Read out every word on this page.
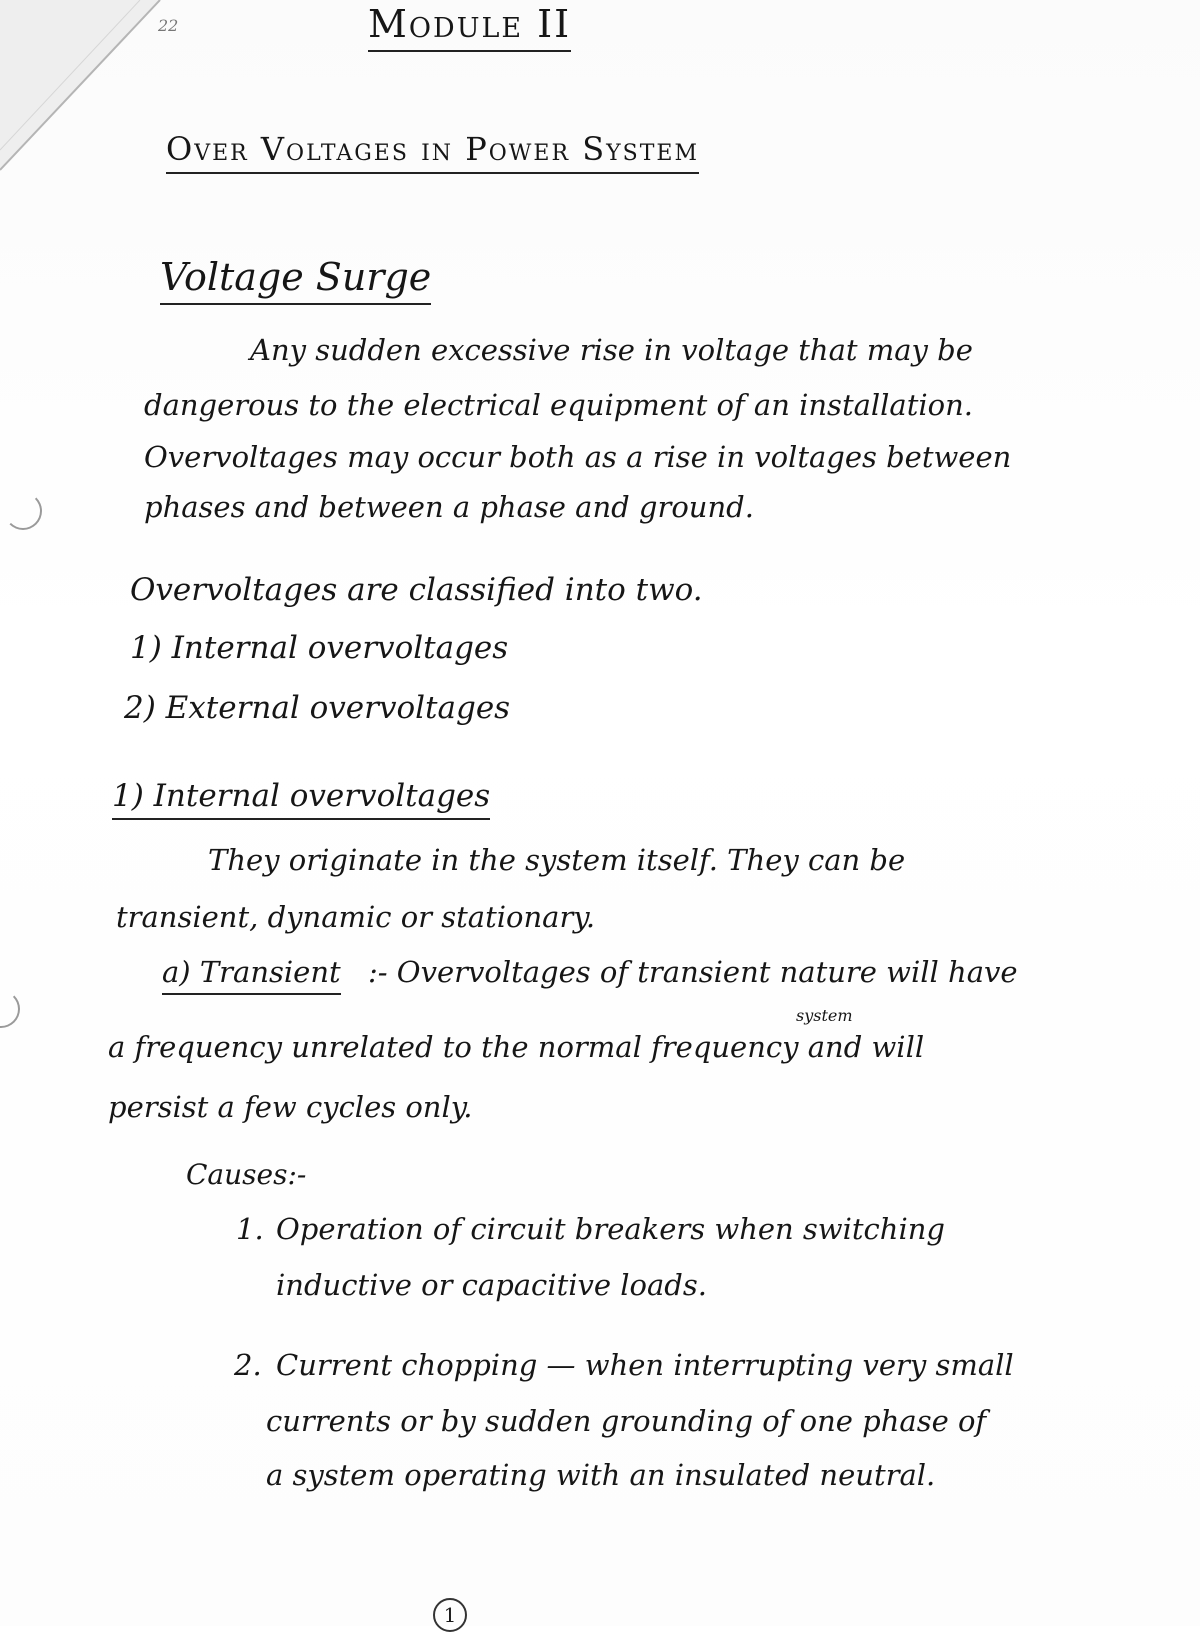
22	Module II
Over Voltages in Power System
Voltage Surge
Any sudden excessive rise in voltage that may be
dangerous to the electrical equipment of an installation.
Overvoltages may occur both as a rise in voltages between
phases and between a phase and ground.
Overvoltages are classified into two.
1) Internal overvoltages
2) External overvoltages
1) Internal overvoltages
They originate in the system itself. They can be
transient, dynamic or stationary.
a) Transient :- Overvoltages of transient nature will have
system
a frequency unrelated to the normal frequency and will
persist a few cycles only.
Causes:-
1. Operation of circuit breakers when switching
inductive or capacitive loads.
2. Current chopping — when interrupting very small
currents or by sudden grounding of one phase of
a system operating with an insulated neutral.
1
